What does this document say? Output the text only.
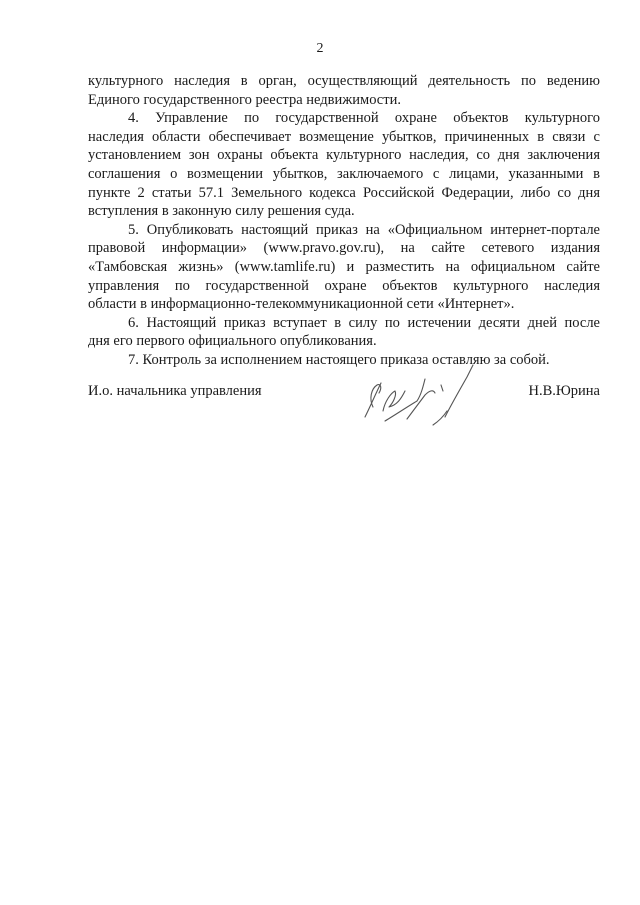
2
культурного наследия в орган, осуществляющий деятельность по ведению
Единого государственного реестра недвижимости.
4. Управление по государственной охране объектов культурного
наследия области обеспечивает возмещение убытков, причиненных в связи с
установлением зон охраны объекта культурного наследия, со дня заключения
соглашения о возмещении убытков, заключаемого с лицами, указанными в
пункте 2 статьи 57.1 Земельного кодекса Российской Федерации, либо со дня
вступления в законную силу решения суда.
5. Опубликовать настоящий приказ на «Официальном интернет-портале
правовой информации» (www.pravo.gov.ru), на сайте сетевого издания
«Тамбовская жизнь» (www.tamlife.ru) и разместить на официальном сайте
управления по государственной охране объектов культурного наследия
области в информационно-телекоммуникационной сети «Интернет».
6. Настоящий приказ вступает в силу по истечении десяти дней после
дня его первого официального опубликования.
7. Контроль за исполнением настоящего приказа оставляю за собой.
И.о. начальника управления	Н.В.Юрина
